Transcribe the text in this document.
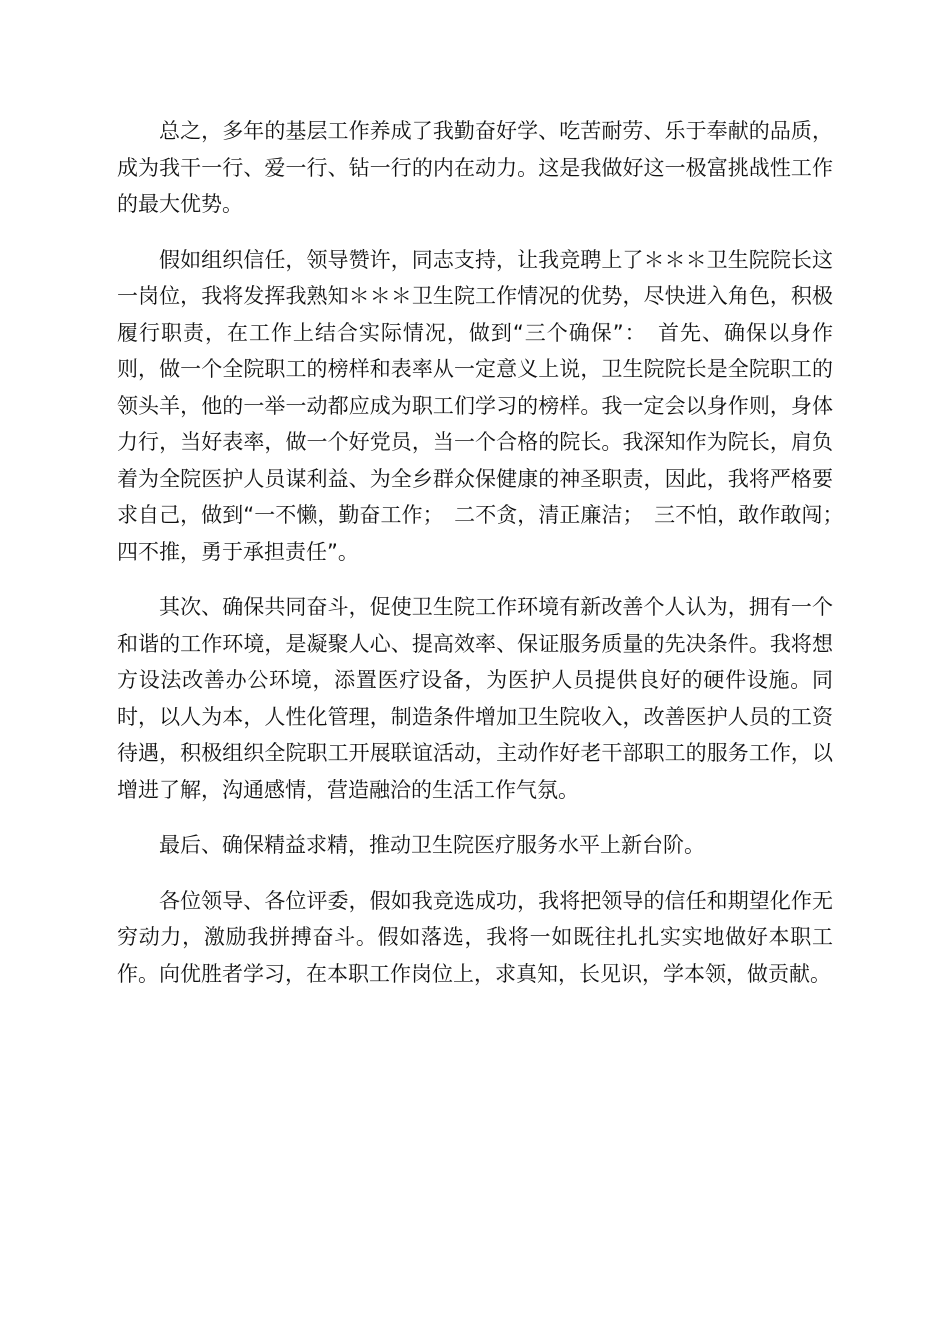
总之，多年的基层工作养成了我勤奋好学、吃苦耐劳、乐于奉献的品质，成为我干一行、爱一行、钻一行的内在动力。这是我做好这一极富挑战性工作的最大优势。

假如组织信任，领导赞许，同志支持，让我竞聘上了＊＊＊卫生院院长这一岗位，我将发挥我熟知＊＊＊卫生院工作情况的优势，尽快进入角色，积极履行职责，在工作上结合实际情况，做到“三个确保”：　首先、确保以身作则，做一个全院职工的榜样和表率从一定意义上说，卫生院院长是全院职工的领头羊，他的一举一动都应成为职工们学习的榜样。我一定会以身作则，身体力行，当好表率，做一个好党员，当一个合格的院长。我深知作为院长，肩负着为全院医护人员谋利益、为全乡群众保健康的神圣职责，因此，我将严格要求自己，做到“一不懒，勤奋工作；　二不贪，清正廉洁；　三不怕，敢作敢闯；　四不推，勇于承担责任”。

其次、确保共同奋斗，促使卫生院工作环境有新改善个人认为，拥有一个和谐的工作环境，是凝聚人心、提高效率、保证服务质量的先决条件。我将想方设法改善办公环境，添置医疗设备，为医护人员提供良好的硬件设施。同时，以人为本，人性化管理，制造条件增加卫生院收入，改善医护人员的工资待遇，积极组织全院职工开展联谊活动，主动作好老干部职工的服务工作，以增进了解，沟通感情，营造融洽的生活工作气氛。

最后、确保精益求精，推动卫生院医疗服务水平上新台阶。

各位领导、各位评委，假如我竞选成功，我将把领导的信任和期望化作无穷动力，激励我拼搏奋斗。假如落选，我将一如既往扎扎实实地做好本职工作。向优胜者学习，在本职工作岗位上，求真知，长见识，学本领，做贡献。
